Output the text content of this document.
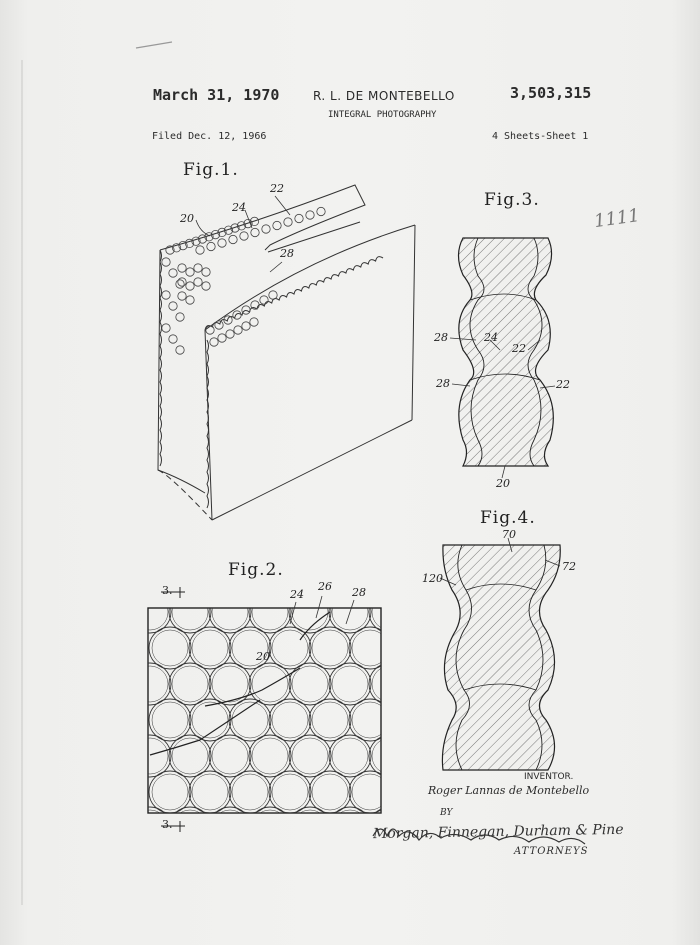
March 31, 1970	R. L. DE MONTEBELLO	3,503,315
INTEGRAL PHOTOGRAPHY
Filed Dec. 12, 1966	4 Sheets-Sheet 1
1111
Fig.1.
Fig.2.
Fig.3.
Fig.4.
20
24
22
28
24
26 28
20
3.
3.
28	24
22
28	22
20
70
72
120
INVENTOR.
Roger Lannas de Montebello
BY
Morgan, Finnegan, Durham & Pine
ATTORNEYS
